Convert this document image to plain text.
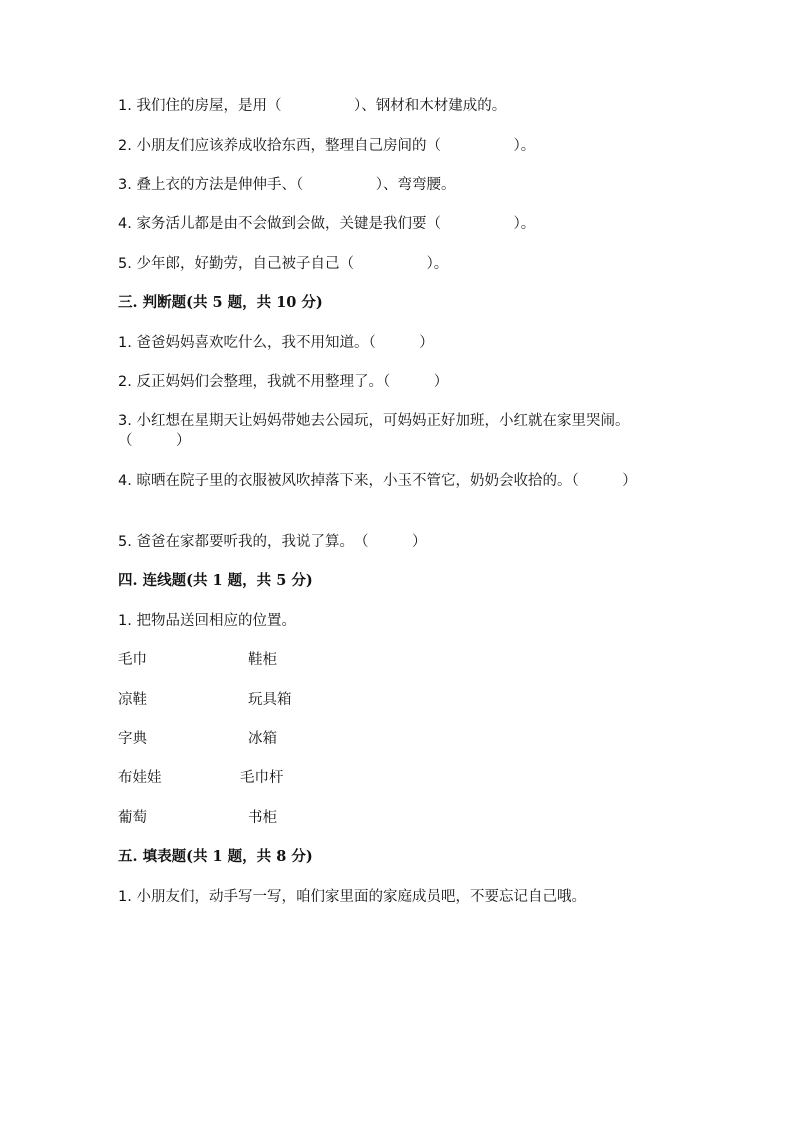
1. 我们住的房屋，是用（　　　　　）、钢材和木材建成的。
2. 小朋友们应该养成收拾东西，整理自己房间的（　　　　　）。
3. 叠上衣的方法是伸伸手、（　　　　　）、弯弯腰。
4. 家务活儿都是由不会做到会做，关键是我们要（　　　　　）。
5. 少年郎，好勤劳，自己被子自己（　　　　　）。
三. 判断题(共 5 题，共 10 分)
1. 爸爸妈妈喜欢吃什么，我不用知道。（　　　）
2. 反正妈妈们会整理，我就不用整理了。（　　　）
3. 小红想在星期天让妈妈带她去公园玩，可妈妈正好加班，小红就在家里哭闹。（　　　）
4. 晾晒在院子里的衣服被风吹掉落下来，小玉不管它，奶奶会收拾的。（　　　）
5. 爸爸在家都要听我的，我说了算。　（　　　）
四. 连线题(共 1 题，共 5 分)
1. 把物品送回相应的位置。
毛巾	鞋柜
凉鞋	玩具箱
字典	冰箱
布娃娃	毛巾杆
葡萄	书柜
五. 填表题(共 1 题，共 8 分)
1. 小朋友们，动手写一写，咱们家里面的家庭成员吧，不要忘记自己哦。
